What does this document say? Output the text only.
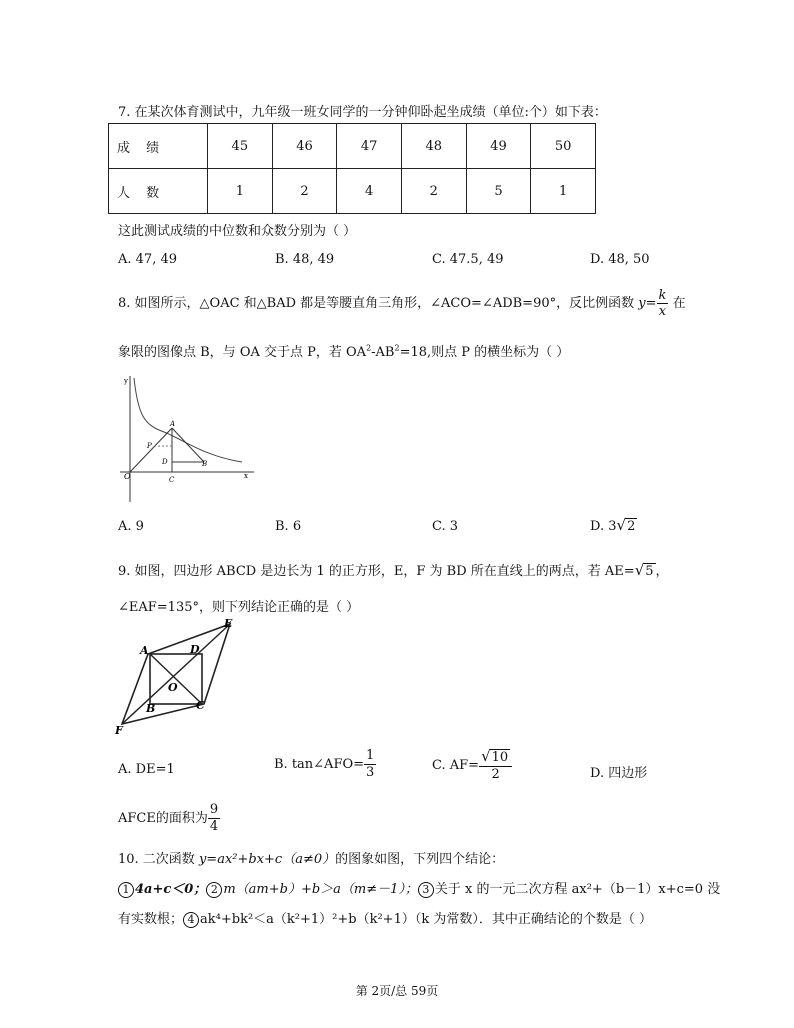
7. 在某次体育测试中，九年级一班女同学的一分钟仰卧起坐成绩（单位:个）如下表：
成 绩	45	46	47	48	49	50
人 数	1	2	4	2	5	1
这此测试成绩的中位数和众数分别为（ ）
A. 47, 49	B. 48, 49	C. 47.5, 49	D. 48, 50
8. 如图所示，△OAC 和△BAD 都是等腰直角三角形，∠ACO=∠ADB=90°，反比例函数 $y= \frac{k}{x}$ 在
象限的图像点 B，与 OA 交于点 P，若 $OA^2-AB^2=18$,则点 P 的横坐标为（ ）
y
x
O
A
P
D	B
C
A. 9	B. 6	C. 3	D. 3√2
9. 如图，四边形 ABCD 是边长为 1 的正方形，E，F 为 BD 所在直线上的两点，若 AE=√5 ，
∠EAF=135°，则下列结论正确的是（ ）
A	D
E
O
B	C
F
A. DE=1	B. tan∠AFO= $\frac{1}{3}$	C. $AF= \frac{√10}{2}$	D. 四边形
AFCE的面积为 $\frac{9}{4}$
10. 二次函数 y=ax²+bx+c（a≠0）的图象如图，下列四个结论：
1 4a+c＜0； 2 m（am+b）+b＞a（m≠－1）； 3 关于 x 的一元二次方程 ax²+（b－1）x+c=0 没
有实数根； 4 ak⁴+bk²＜a（k²+1）²+b（k²+1）（k 为常数）．其中正确结论的个数是（ ）
第 2页/总 59页
